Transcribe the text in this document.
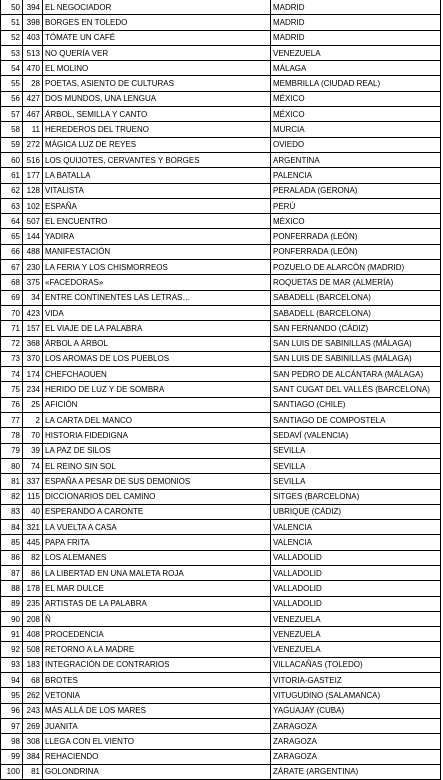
50	394	EL NEGOCIADOR	MADRID
51	398	BORGES EN TOLEDO	MADRID
52	403	TÓMATE UN CAFÉ	MADRID
53	513	NO QUERÍA VER	VENEZUELA
54	470	EL MOLINO	MÁLAGA
55	28	POETAS, ASIENTO DE CULTURAS	MEMBRILLA (CIUDAD REAL)
56	427	DOS MUNDOS, UNA LENGUA	MÉXICO
57	467	ÁRBOL, SEMILLA Y CANTO	MÉXICO
58	11	HEREDEROS DEL TRUENO	MURCIA
59	272	MÁGICA LUZ DE REYES	OVIEDO
60	516	LOS QUIJOTES, CERVANTES Y BORGES	ARGENTINA
61	177	LA BATALLA	PALENCIA
62	128	VITALISTA	PERALADA (GERONA)
63	102	ESPAÑA	PERÚ
64	507	EL ENCUENTRO	MÉXICO
65	144	YADIRA	PONFERRADA (LEÓN)
66	488	MANIFESTACIÓN	PONFERRADA (LEÓN)
67	230	LA FERIA Y LOS CHISMORREOS	POZUELO DE ALARCÓN (MADRID)
68	375	«FACEDORAS»	ROQUETAS DE MAR (ALMERÍA)
69	34	ENTRE CONTINENTES LAS LETRAS…	SABADELL (BARCELONA)
70	423	VIDA	SABADELL (BARCELONA)
71	157	EL VIAJE DE LA PALABRA	SAN FERNANDO (CÁDIZ)
72	368	ÁRBOL A ÁRBOL	SAN LUIS DE SABINILLAS (MÁLAGA)
73	370	LOS AROMAS DE LOS PUEBLOS	SAN LUIS DE SABINILLAS (MÁLAGA)
74	174	CHEFCHAOUEN	SAN PEDRO DE ALCÁNTARA (MÁLAGA)
75	234	HERIDO DE LUZ Y DE SOMBRA	SANT CUGAT DEL VALLÉS (BARCELONA)
76	25	AFICIÓN	SANTIAGO (CHILE)
77	2	LA CARTA DEL MANCO	SANTIAGO DE COMPOSTELA
78	70	HISTORIA FIDEDIGNA	SEDAVÍ (VALENCIA)
79	39	LA PAZ DE SILOS	SEVILLA
80	74	EL REINO SIN SOL	SEVILLA
81	337	ESPAÑA A PESAR DE SUS DEMONIOS	SEVILLA
82	115	DICCIONARIOS DEL CAMINO	SITGES (BARCELONA)
83	40	ESPERANDO A CARONTE	UBRIQUE (CÁDIZ)
84	321	LA VUELTA A CASA	VALENCIA
85	445	PAPA FRITA	VALENCIA
86	82	LOS ALEMANES	VALLADOLID
87	86	LA LIBERTAD EN UNA MALETA ROJA	VALLADOLID
88	178	EL MAR DULCE	VALLADOLID
89	235	ARTISTAS DE LA PALABRA	VALLADOLID
90	208	Ñ	VENEZUELA
91	408	PROCEDENCIA	VENEZUELA
92	508	RETORNO A LA MADRE	VENEZUELA
93	183	INTEGRACIÓN DE CONTRARIOS	VILLACAÑAS (TOLEDO)
94	68	BROTES	VITORIA-GASTEIZ
95	262	VETONIA	VITUGUDINO (SALAMANCA)
96	243	MÁS ALLÁ DE LOS MARES	YAGUAJAY (CUBA)
97	269	JUANITA	ZARAGOZA
98	308	LLEGA CON EL VIENTO	ZARAGOZA
99	384	REHACIENDO	ZARAGOZA
100	81	GOLONDRINA	ZÁRATE (ARGENTINA)
